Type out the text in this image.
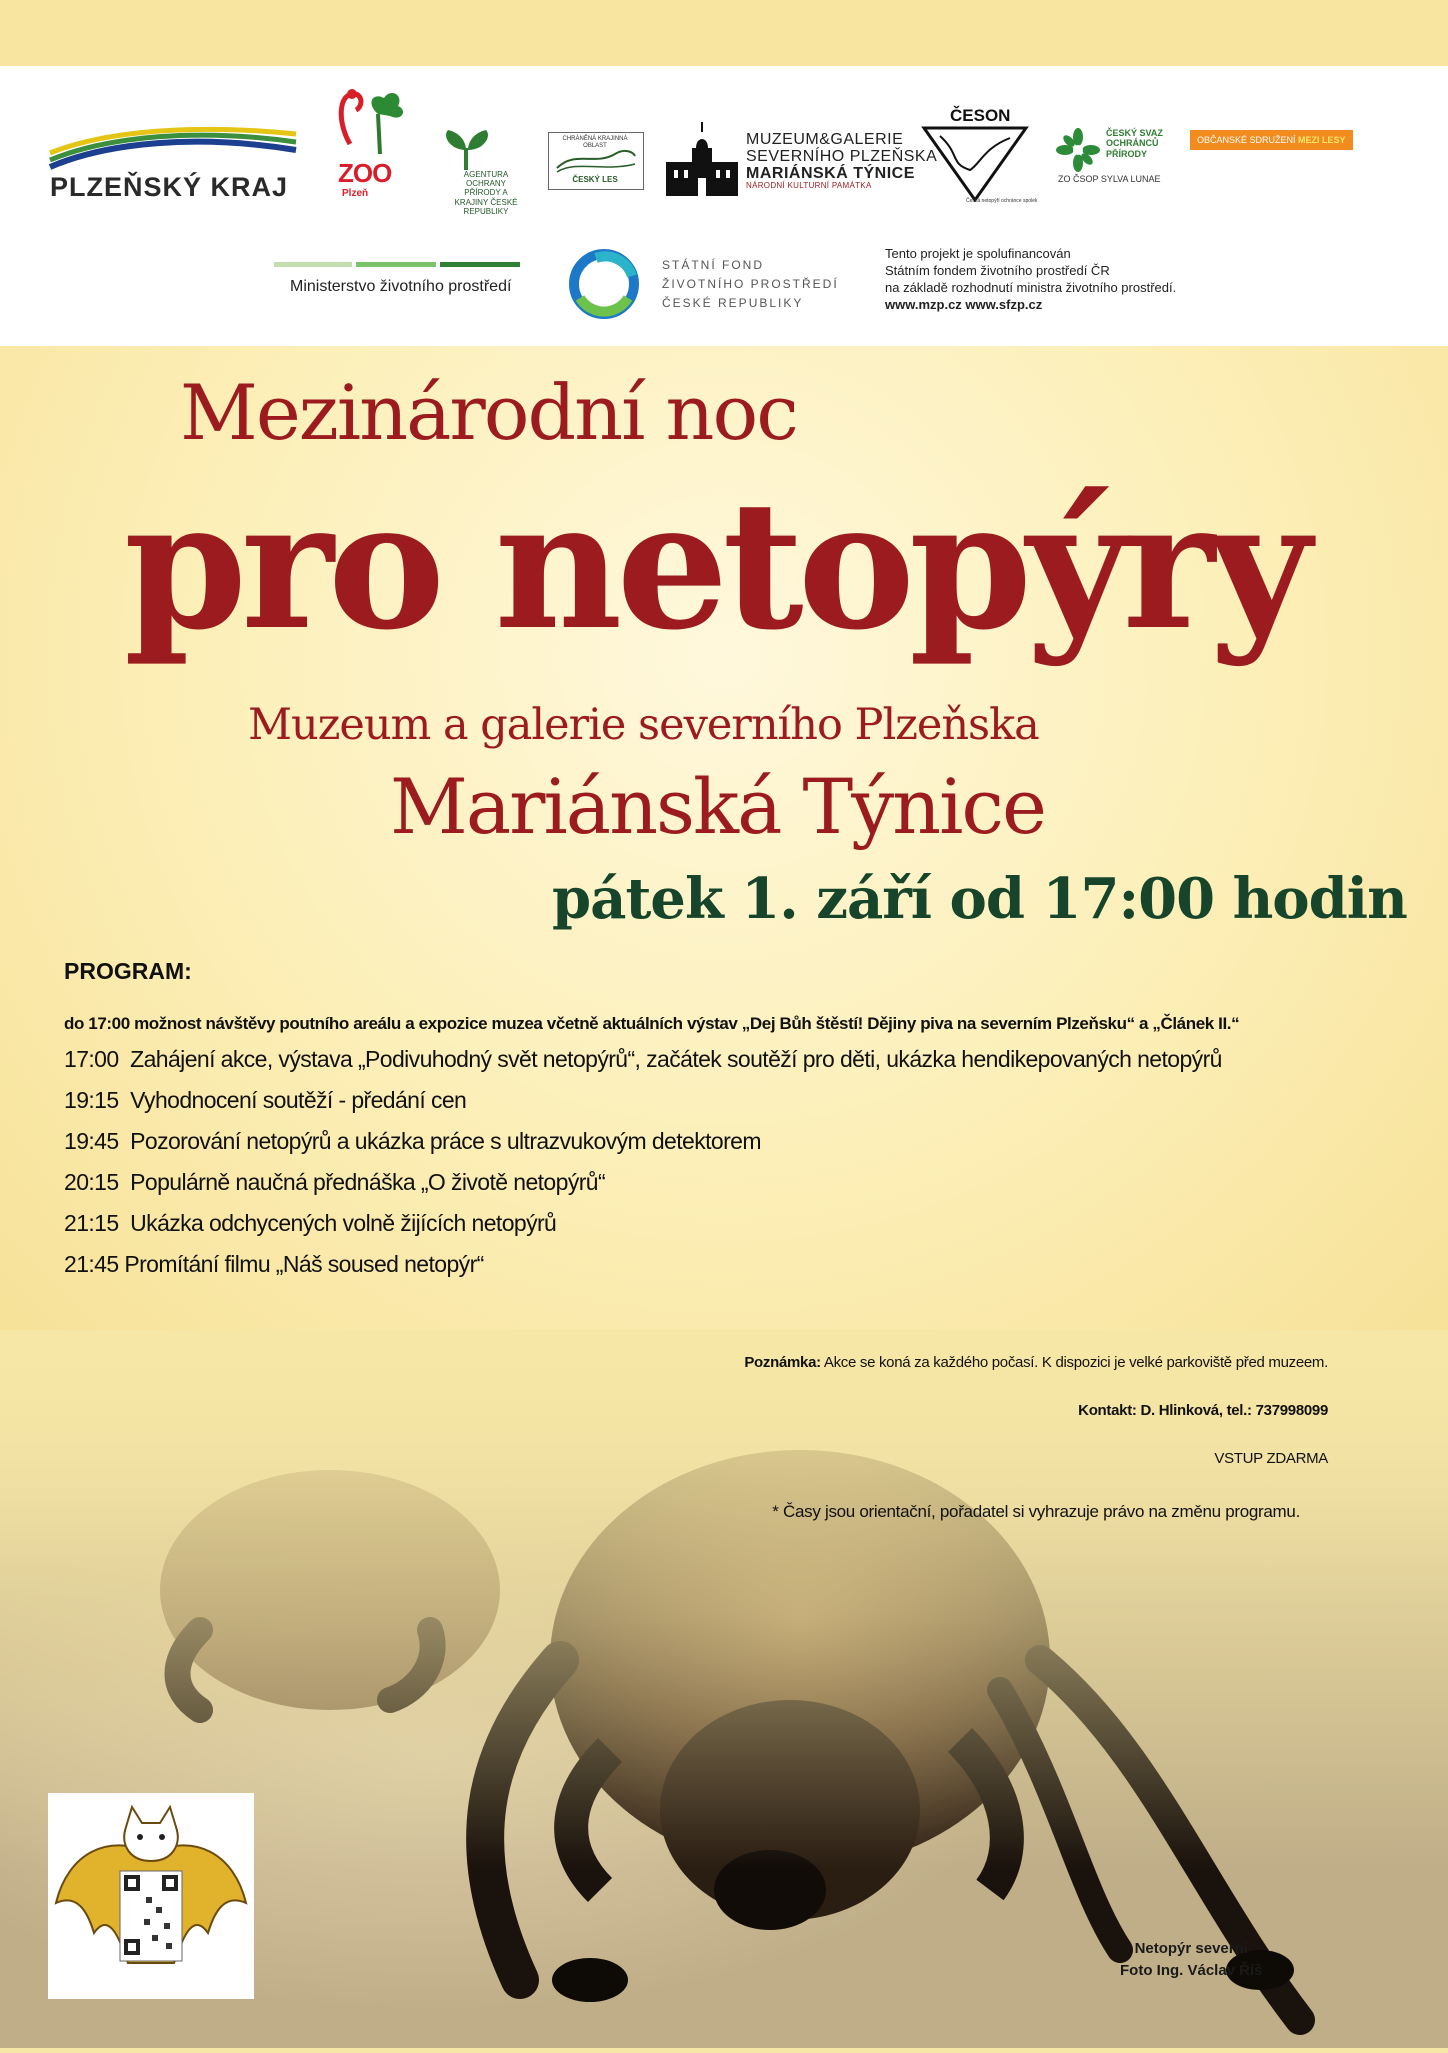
PLZEŇSKÝ KRAJ ZOO
Plzeň
AGENTURA OCHRANY PŘÍRODY A KRAJINY ČESKÉ REPUBLIKY
CHRÁNĚNÁ KRAJINNÁ OBLAST
ČESKÝ LES
MUZEUM&GALERIE
SEVERNÍHO PLZEŇSKA
MARIÁNSKÁ TÝNICE
NÁRODNÍ KULTURNÍ PAMÁTKA
ČESON
Česká netopýří ochránce spolek
ČESKÝ SVAZ
OCHRÁNCŮ
PŘÍRODY
ZO ČSOP SYLVA LUNAE
OBČANSKÉ SDRUŽENÍ MEZI LESY
Ministerstvo životního prostředí
STÁTNÍ FOND
ŽIVOTNÍHO PROSTŘEDÍ
ČESKÉ REPUBLIKY
Tento projekt je spolufinancován
Státním fondem životního prostředí ČR
na základě rozhodnutí ministra životního prostředí.
www.mzp.cz www.sfzp.cz
Mezinárodní noc
pro netopýry
Muzeum a galerie severního Plzeňska
Mariánská Týnice
pátek 1. září od 17:00 hodin
PROGRAM:
do 17:00 možnost návštěvy poutního areálu a expozice muzea včetně aktuálních výstav „Dej Bůh štěstí! Dějiny piva na severním Plzeňsku“ a „Článek II.“
17:00 Zahájení akce, výstava „Podivuhodný svět netopýrů“, začátek soutěží pro děti, ukázka hendikepovaných netopýrů
19:15 Vyhodnocení soutěží - předání cen
19:45 Pozorování netopýrů a ukázka práce s ultrazvukovým detektorem
20:15 Populárně naučná přednáška „O životě netopýrů“
21:15 Ukázka odchycených volně žijících netopýrů
21:45 Promítání filmu „Náš soused netopýr“
Poznámka: Akce se koná za každého počasí. K dispozici je velké parkoviště před muzeem.
Kontakt: D. Hlinková, tel.: 737998099
VSTUP ZDARMA
* Časy jsou orientační, pořadatel si vyhrazuje právo na změnu programu.
Netopýr severní
Foto Ing. Václav Říš
